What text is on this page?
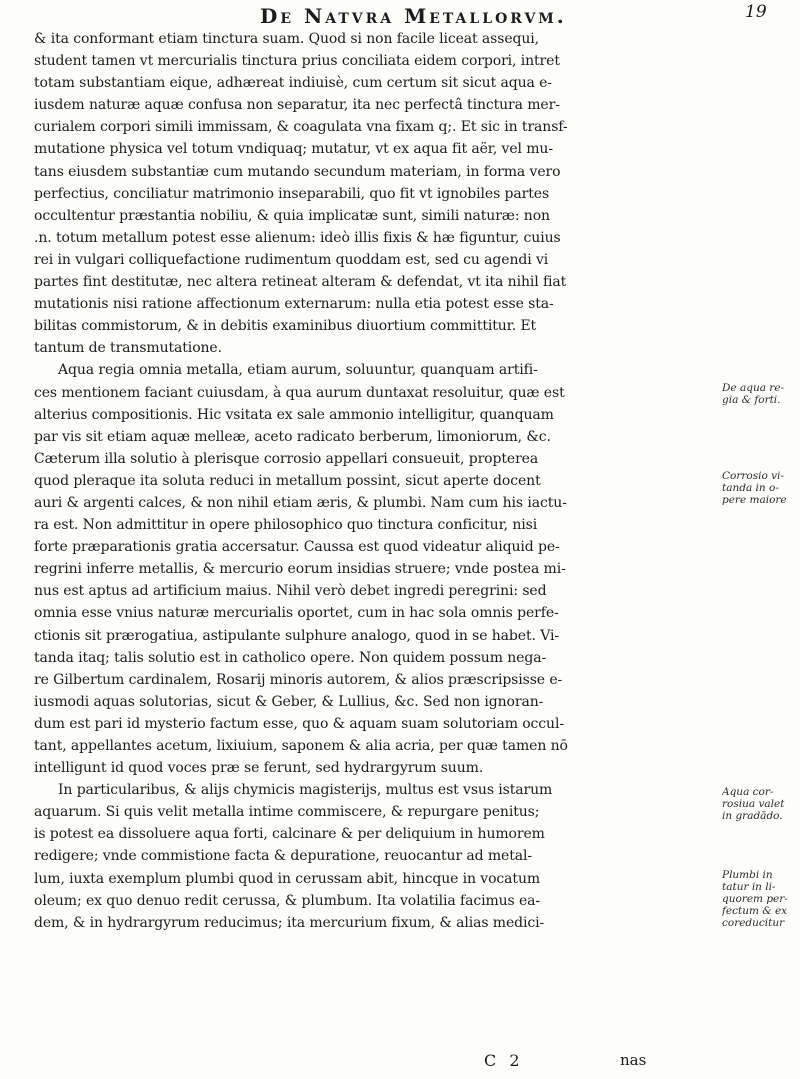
De Natvra Metallorvm.	19
& ita conformant etiam tinctura suam. Quod si non facile liceat assequi,
student tamen vt mercurialis tinctura prius conciliata eidem corpori, intret
totam substantiam eique, adhæreat indiuisè, cum certum sit sicut aqua e-
iusdem naturæ aquæ confusa non separatur, ita nec perfectâ tinctura mer-
curialem corpori simili immissam, & coagulata vna fixam q;. Et sic in transf-
mutatione physica vel totum vndiquaq; mutatur, vt ex aqua fit aër, vel mu-
tans eiusdem substantiæ cum mutando secundum materiam, in forma vero
perfectius, conciliatur matrimonio inseparabili, quo fit vt ignobiles partes
occultentur præstantia nobiliu, & quia implicatæ sunt, simili naturæ: non
.n. totum metallum potest esse alienum: ideò illis fixis & hæ figuntur, cuius
rei in vulgari colliquefactione rudimentum quoddam est, sed cu agendi vi
partes fint destitutæ, nec altera retineat alteram & defendat, vt ita nihil fiat
mutationis nisi ratione affectionum externarum: nulla etia potest esse sta-
bilitas commistorum, & in debitis examinibus diuortium committitur. Et
tantum de transmutatione.
Aqua regia omnia metalla, etiam aurum, soluuntur, quanquam artifi-
ces mentionem faciant cuiusdam, à qua aurum duntaxat resoluitur, quæ est
alterius compositionis. Hic vsitata ex sale ammonio intelligitur, quanquam
par vis sit etiam aquæ melleæ, aceto radicato berberum, limoniorum, &c.
Cæterum illa solutio à plerisque corrosio appellari consueuit, propterea
quod pleraque ita soluta reduci in metallum possint, sicut aperte docent
auri & argenti calces, & non nihil etiam æris, & plumbi. Nam cum his iactu-
ra est. Non admittitur in opere philosophico quo tinctura conficitur, nisi
forte præparationis gratia accersatur. Caussa est quod videatur aliquid pe-
regrini inferre metallis, & mercurio eorum insidias struere; vnde postea mi-
nus est aptus ad artificium maius. Nihil verò debet ingredi peregrini: sed
omnia esse vnius naturæ mercurialis oportet, cum in hac sola omnis perfe-
ctionis sit prærogatiua, astipulante sulphure analogo, quod in se habet. Vi-
tanda itaq; talis solutio est in catholico opere. Non quidem possum nega-
re Gilbertum cardinalem, Rosarij minoris autorem, & alios præscripsisse e-
iusmodi aquas solutorias, sicut & Geber, & Lullius, &c. Sed non ignoran-
dum est pari id mysterio factum esse, quo & aquam suam solutoriam occul-
tant, appellantes acetum, lixiuium, saponem & alia acria, per quæ tamen nō
intelligunt id quod voces præ se ferunt, sed hydrargyrum suum.
In particularibus, & alijs chymicis magisterijs, multus est vsus istarum
aquarum. Si quis velit metalla intime commiscere, & repurgare penitus;
is potest ea dissoluere aqua forti, calcinare & per deliquium in humorem
redigere; vnde commistione facta & depuratione, reuocantur ad metal-
lum, iuxta exemplum plumbi quod in cerussam abit, hincque in vocatum
oleum; ex quo denuo redit cerussa, & plumbum. Ita volatilia facimus ea-
dem, & in hydrargyrum reducimus; ita mercurium fixum, & alias medici-
De aqua re-
gia & forti.
Corrosio vi-
tanda in o-
pere maiore
Aqua cor-
rosiua valet
in gradādo.
Plumbi in
tatur in li-
quorem per-
fectum & ex
coreducitur
C 2	nas
